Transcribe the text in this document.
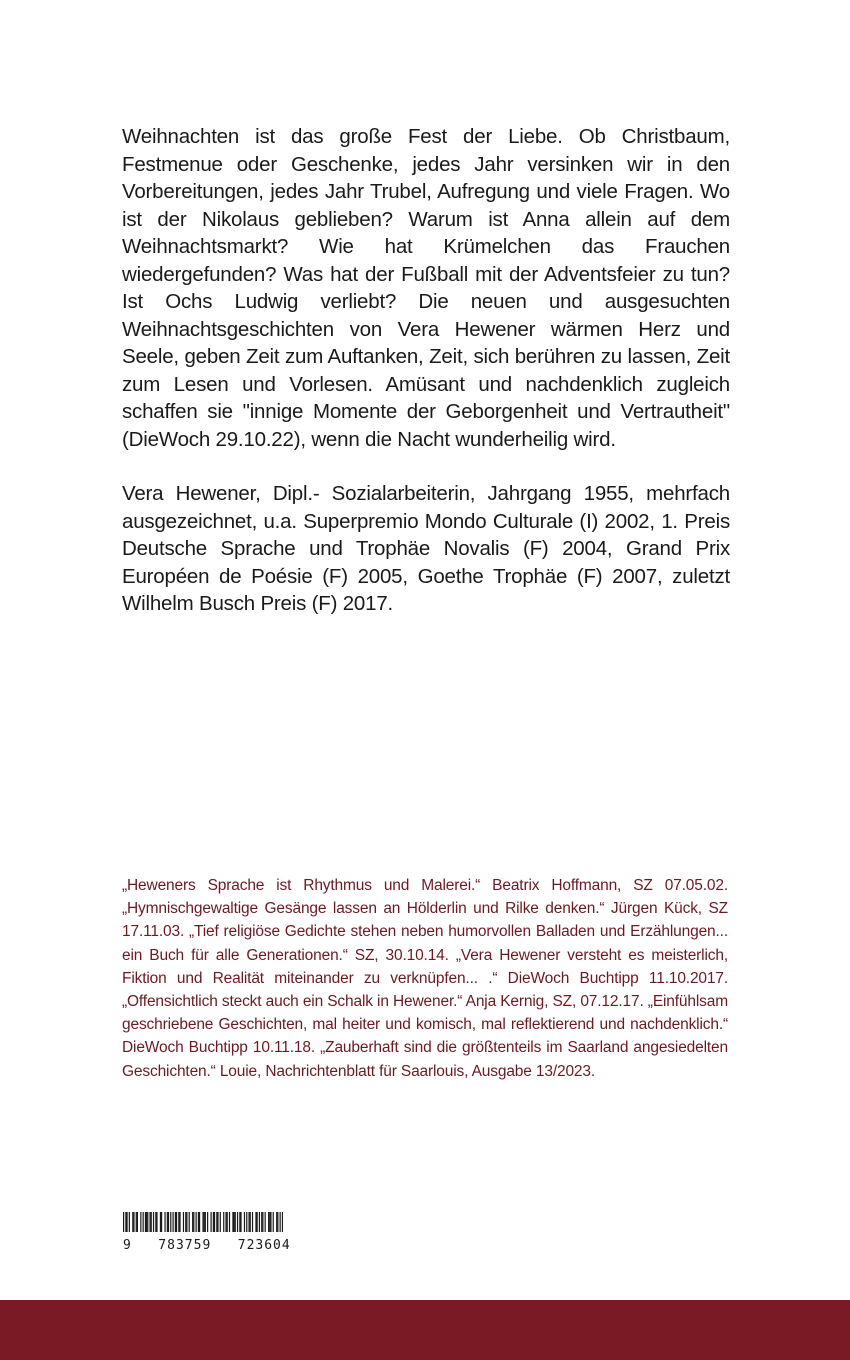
Weihnachten ist das große Fest der Liebe. Ob Christbaum, Festmenue oder Geschenke, jedes Jahr versinken wir in den Vorbereitungen, jedes Jahr Trubel, Aufregung und viele Fragen. Wo ist der Nikolaus geblieben? Warum ist Anna allein auf dem Weihnachtsmarkt? Wie hat Krümelchen das Frauchen wiedergefunden? Was hat der Fußball mit der Adventsfeier zu tun? Ist Ochs Ludwig verliebt? Die neuen und ausgesuchten Weihnachtsgeschichten von Vera Hewener wärmen Herz und Seele, geben Zeit zum Auftanken, Zeit, sich berühren zu lassen, Zeit zum Lesen und Vorlesen. Amüsant und nachdenklich zugleich schaffen sie "innige Momente der Geborgenheit und Vertrautheit" (DieWoch 29.10.22), wenn die Nacht wunderheilig wird.

Vera Hewener, Dipl.- Sozialarbeiterin, Jahrgang 1955, mehrfach ausgezeichnet, u.a. Superpremio Mondo Culturale (I) 2002, 1. Preis Deutsche Sprache und Trophäe Novalis (F) 2004, Grand Prix Européen de Poésie (F) 2005, Goethe Trophäe (F) 2007, zuletzt Wilhelm Busch Preis (F) 2017.

„Heweners Sprache ist Rhythmus und Malerei.“ Beatrix Hoffmann, SZ 07.05.02. „Hymnischgewaltige Gesänge lassen an Hölderlin und Rilke denken.“ Jürgen Kück, SZ 17.11.03. „Tief religiöse Gedichte stehen neben humorvollen Balladen und Erzählungen... ein Buch für alle Generationen.“ SZ, 30.10.14. „Vera Hewener versteht es meisterlich, Fiktion und Realität miteinander zu verknüpfen... .“ DieWoch Buchtipp 11.10.2017. „Offensichtlich steckt auch ein Schalk in Hewener.“ Anja Kernig, SZ, 07.12.17. „Einfühlsam geschriebene Geschichten, mal heiter und komisch, mal reflektierend und nachdenklich.“ DieWoch Buchtipp 10.11.18. „Zauberhaft sind die größtenteils im Saarland angesiedelten Geschichten.“ Louie, Nachrichtenblatt für Saarlouis, Ausgabe 13/2023.

9   783759   723604
